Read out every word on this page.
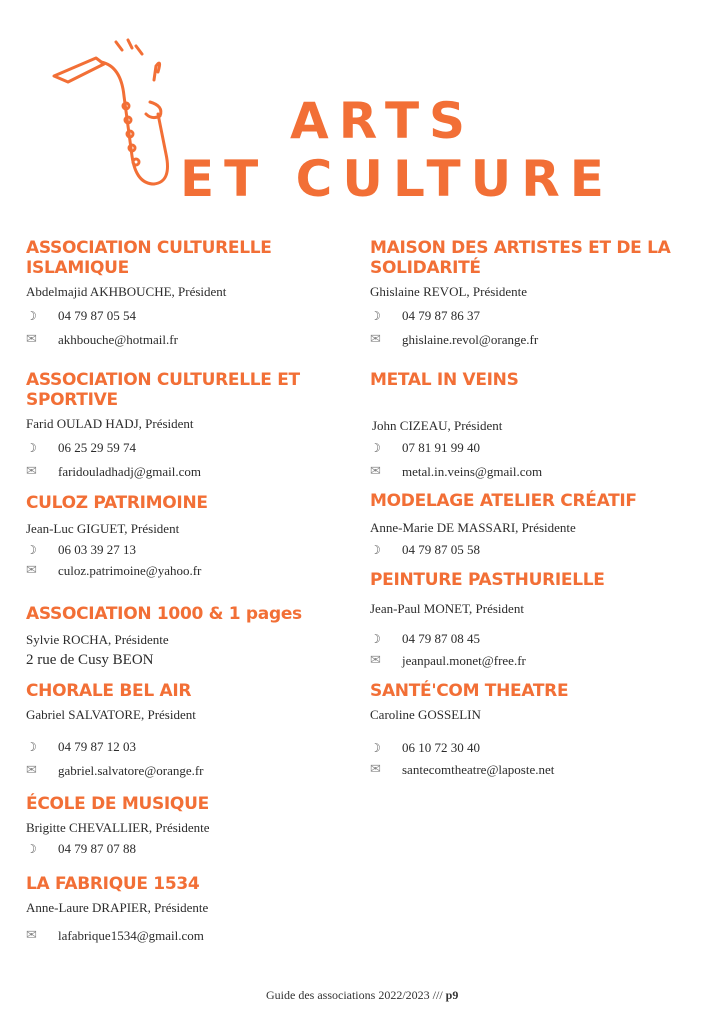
ARTS
ET CULTURE
ASSOCIATION CULTURELLE ISLAMIQUE
Abdelmajid AKHBOUCHE, Président
☽	04 79 87 05 54
✉	akhbouche@hotmail.fr
ASSOCIATION CULTURELLE ET SPORTIVE
Farid OULAD HADJ, Président
☽	06 25 29 59 74
✉	faridouladhadj@gmail.com
CULOZ PATRIMOINE
Jean-Luc GIGUET, Président
☽	06 03 39 27 13
✉	culoz.patrimoine@yahoo.fr
ASSOCIATION 1000 & 1 pages
Sylvie ROCHA, Présidente
2 rue de Cusy BEON
CHORALE BEL AIR
Gabriel SALVATORE, Président
☽	04 79 87 12 03
✉	gabriel.salvatore@orange.fr
ÉCOLE DE MUSIQUE
Brigitte CHEVALLIER, Présidente
☽	04 79 87 07 88
LA FABRIQUE 1534
Anne-Laure DRAPIER, Présidente
✉	lafabrique1534@gmail.com
MAISON DES ARTISTES ET DE LA SOLIDARITÉ
Ghislaine REVOL, Présidente
☽	04 79 87 86 37
✉	ghislaine.revol@orange.fr
METAL IN VEINS
John CIZEAU, Président
☽	07 81 91 99 40
✉	metal.in.veins@gmail.com
MODELAGE ATELIER CRÉATIF
Anne-Marie DE MASSARI, Présidente
☽	04 79 87 05 58
PEINTURE PASTHURIELLE
Jean-Paul MONET, Président
☽	04 79 87 08 45
✉	jeanpaul.monet@free.fr
SANTÉ'COM THEATRE
Caroline GOSSELIN
☽	06 10 72 30 40
✉	santecomtheatre@laposte.net
Guide des associations 2022/2023 /// p9
